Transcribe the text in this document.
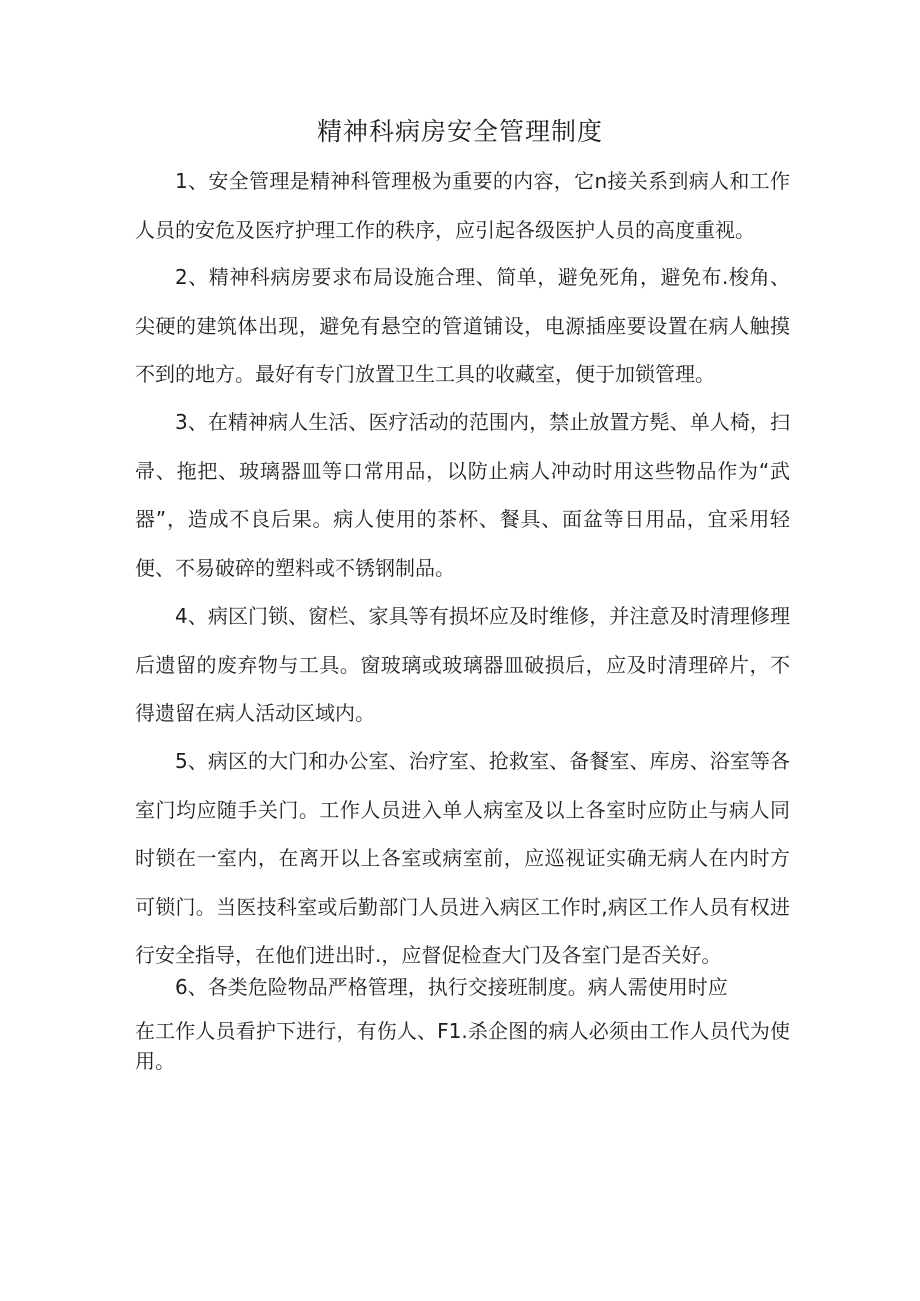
精神科病房安全管理制度

1、安全管理是精神科管理极为重要的内容，它n接关系到病人和工作人员的安危及医疗护理工作的秩序，应引起各级医护人员的高度重视。

2、精神科病房要求布局设施合理、简单，避免死角，避免布.梭角、尖硬的建筑体出现，避免有悬空的管道铺设，电源插座要设置在病人触摸不到的地方。最好有专门放置卫生工具的收藏室，便于加锁管理。

3、在精神病人生活、医疗活动的范围内，禁止放置方髡、单人椅，扫帚、拖把、玻璃器皿等口常用品，以防止病人冲动时用这些物品作为“武器”，造成不良后果。病人使用的茶杯、餐具、面盆等日用品，宜采用轻便、不易破碎的塑料或不锈钢制品。

4、病区门锁、窗栏、家具等有损坏应及时维修，并注意及时清理修理后遗留的废弃物与工具。窗玻璃或玻璃器皿破损后，应及时清理碎片，不得遗留在病人活动区域内。

5、病区的大门和办公室、治疗室、抢救室、备餐室、库房、浴室等各室门均应随手关门。工作人员进入单人病室及以上各室时应防止与病人同时锁在一室内，在离开以上各室或病室前，应巡视证实确无病人在内时方可锁门。当医技科室或后勤部门人员进入病区工作时,病区工作人员有权进行安全指导，在他们进出时.，应督促检查大门及各室门是否关好。

6、各类危险物品严格管理，执行交接班制度。病人需使用时应

在工作人员看护下进行，有伤人、F1.杀企图的病人必须由工作人员代为使用。
